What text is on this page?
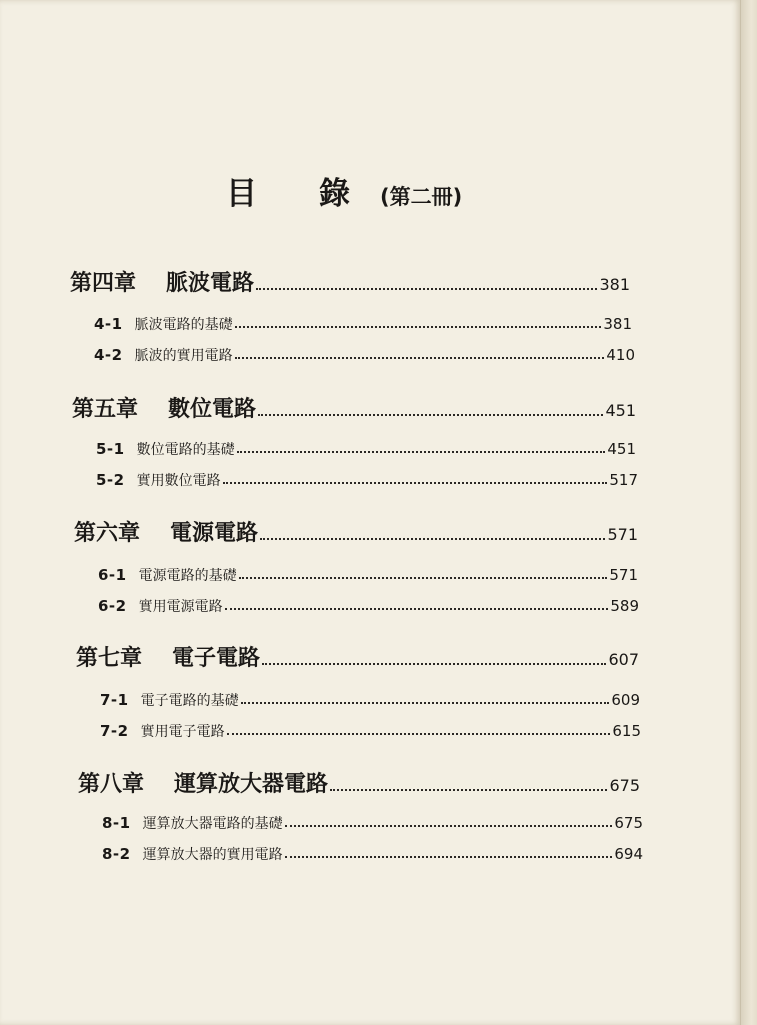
目 錄 (第二冊)
第四章 脈波電路	381
4-1 脈波電路的基礎	381
4-2 脈波的實用電路	410
第五章 數位電路	451
5-1 數位電路的基礎	451
5-2 實用數位電路	517
第六章 電源電路	571
6-1 電源電路的基礎	571
6-2 實用電源電路	589
第七章 電子電路	607
7-1 電子電路的基礎	609
7-2 實用電子電路	615
第八章 運算放大器電路	675
8-1 運算放大器電路的基礎	675
8-2 運算放大器的實用電路	694
